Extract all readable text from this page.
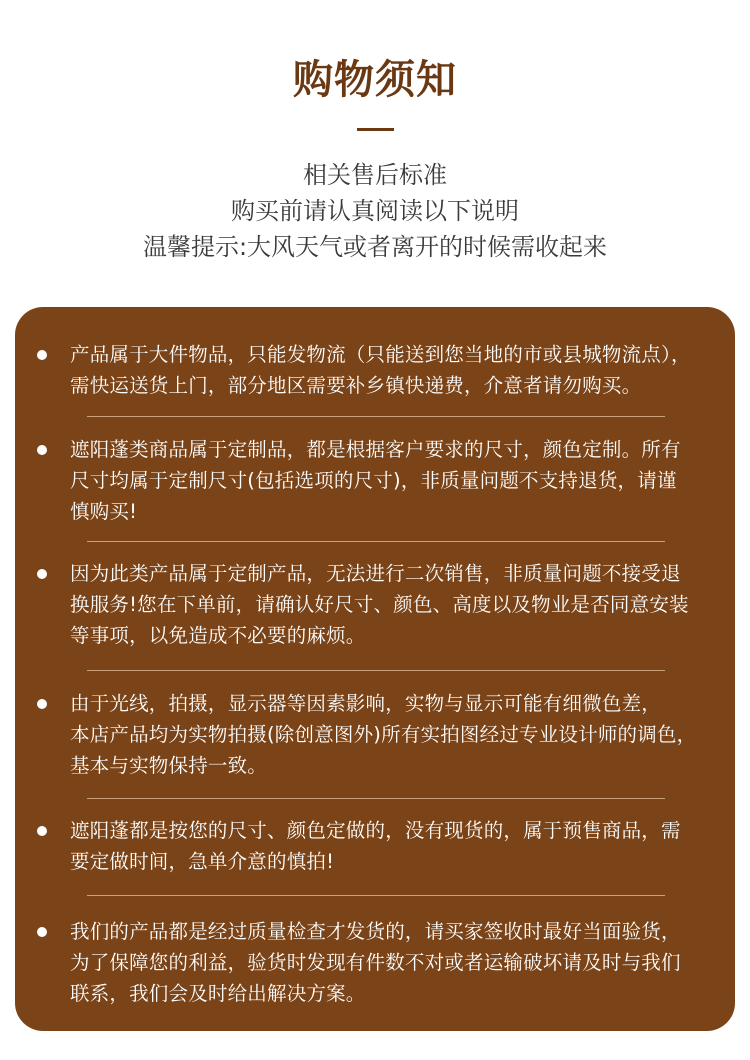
购物须知
相关售后标准
购买前请认真阅读以下说明
温馨提示:大风天气或者离开的时候需收起来
产品属于大件物品，只能发物流（只能送到您当地的市或县城物流点），
需快运送货上门，部分地区需要补乡镇快递费，介意者请勿购买。
遮阳蓬类商品属于定制品，都是根据客户要求的尺寸，颜色定制。所有
尺寸均属于定制尺寸(包括选项的尺寸)，非质量问题不支持退货，请谨
慎购买!
因为此类产品属于定制产品，无法进行二次销售，非质量问题不接受退
换服务!您在下单前，请确认好尺寸、颜色、高度以及物业是否同意安装
等事项，以免造成不必要的麻烦。
由于光线，拍摄，显示器等因素影响，实物与显示可能有细微色差，
本店产品均为实物拍摄(除创意图外)所有实拍图经过专业设计师的调色，
基本与实物保持一致。
遮阳蓬都是按您的尺寸、颜色定做的，没有现货的，属于预售商品，需
要定做时间，急单介意的慎拍!
我们的产品都是经过质量检查才发货的，请买家签收时最好当面验货，
为了保障您的利益，验货时发现有件数不对或者运输破坏请及时与我们
联系，我们会及时给出解决方案。
